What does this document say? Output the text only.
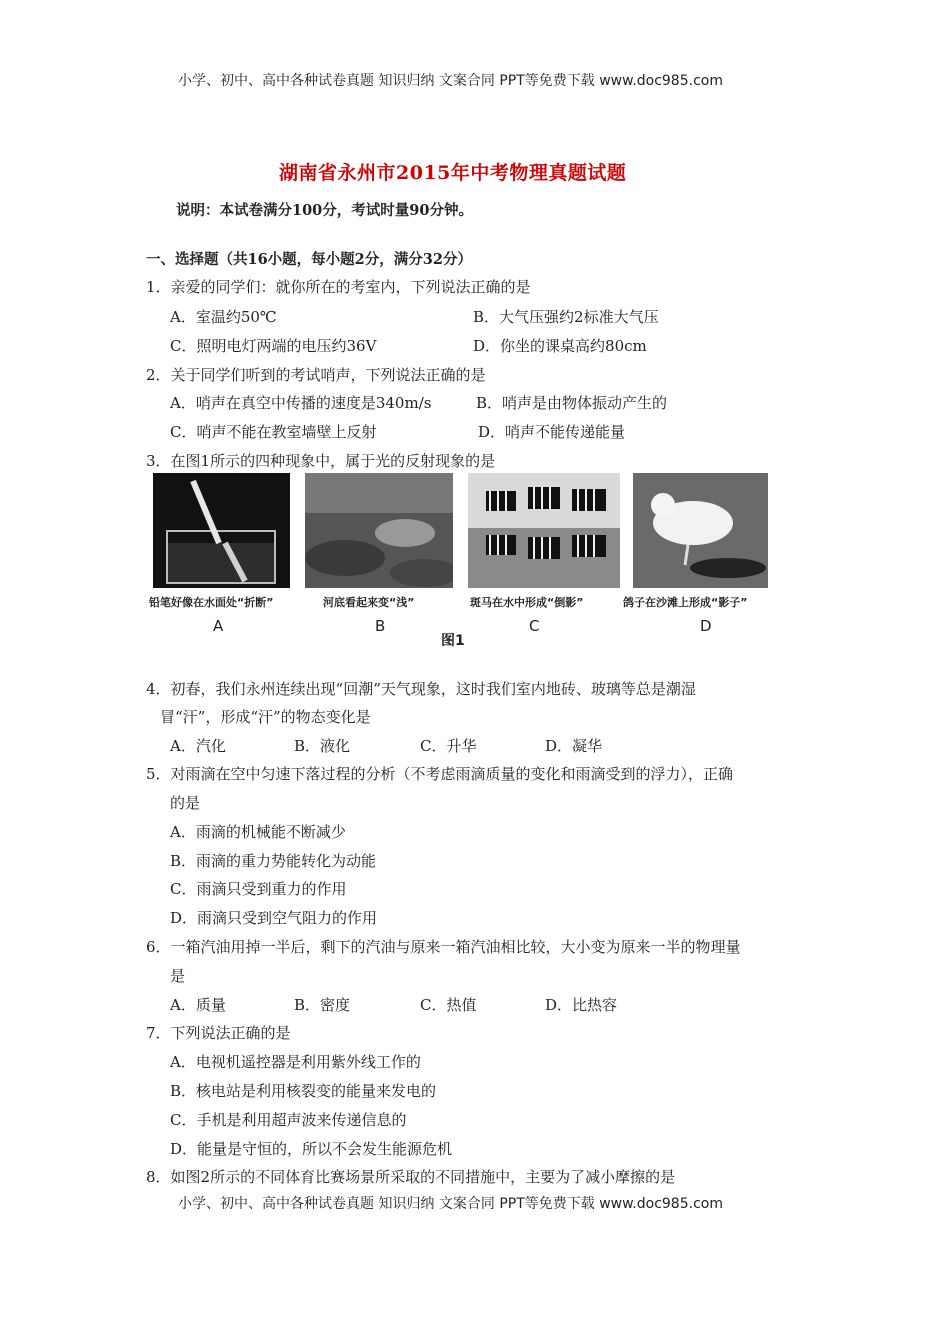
小学、初中、高中各种试卷真题 知识归纳 文案合同 PPT等免费下载 www.doc985.com
湖南省永州市2015年中考物理真题试题
说明：本试卷满分100分，考试时量90分钟。
一、选择题（共16小题，每小题2分，满分32分）
1．亲爱的同学们：就你所在的考室内，下列说法正确的是
A．室温约50℃	B．大气压强约2标准大气压
C．照明电灯两端的电压约36V	D．你坐的课桌高约80cm
2．关于同学们听到的考试哨声，下列说法正确的是
A．哨声在真空中传播的速度是340m/s	B．哨声是由物体振动产生的
C．哨声不能在教室墙壁上反射	D．哨声不能传递能量
3．在图1所示的四种现象中，属于光的反射现象的是
铅笔好像在水面处“折断”	河底看起来变“浅”	斑马在水中形成“倒影”	鸽子在沙滩上形成“影子”
A	B	C	D
图1
4．初春，我们永州连续出现“回潮”天气现象，这时我们室内地砖、玻璃等总是潮湿
冒“汗”，形成“汗”的物态变化是
A．汽化	B．液化	C．升华	D．凝华
5．对雨滴在空中匀速下落过程的分析（不考虑雨滴质量的变化和雨滴受到的浮力），正确
的是
A．雨滴的机械能不断减少
B．雨滴的重力势能转化为动能
C．雨滴只受到重力的作用
D．雨滴只受到空气阻力的作用
6．一箱汽油用掉一半后，剩下的汽油与原来一箱汽油相比较，大小变为原来一半的物理量
是
A．质量	B．密度	C．热值	D．比热容
7．下列说法正确的是
A．电视机遥控器是利用紫外线工作的
B．核电站是利用核裂变的能量来发电的
C．手机是利用超声波来传递信息的
D．能量是守恒的，所以不会发生能源危机
8．如图2所示的不同体育比赛场景所采取的不同措施中，主要为了减小摩擦的是
小学、初中、高中各种试卷真题 知识归纳 文案合同 PPT等免费下载 www.doc985.com
